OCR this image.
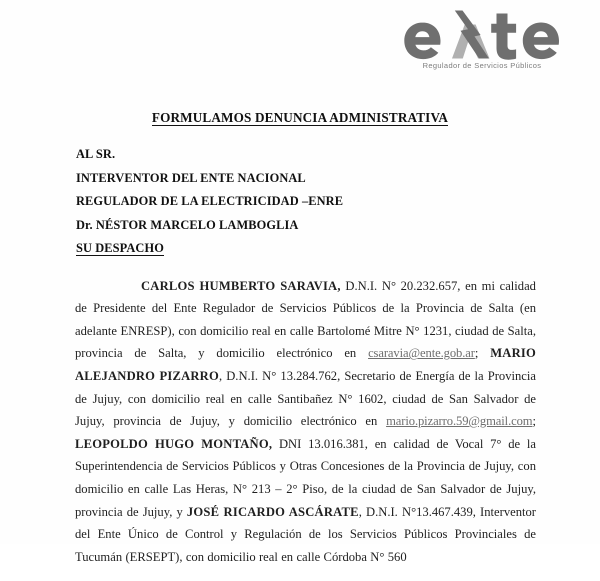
Regulador de Servicios Públicos
FORMULAMOS DENUNCIA ADMINISTRATIVA
AL SR.
INTERVENTOR DEL ENTE NACIONAL
REGULADOR DE LA ELECTRICIDAD –ENRE
Dr. NÉSTOR MARCELO LAMBOGLIA
SU DESPACHO

CARLOS HUMBERTO SARAVIA, D.N.I. N° 20.232.657, en mi calidad de Presidente del Ente Regulador de Servicios Públicos de la Provincia de Salta (en adelante ENRESP), con domicilio real en calle Bartolomé Mitre N° 1231, ciudad de Salta, provincia de Salta, y domicilio electrónico en csaravia@ente.gob.ar; MARIO ALEJANDRO PIZARRO, D.N.I. N° 13.284.762, Secretario de Energía de la Provincia de Jujuy, con domicilio real en calle Santibañez N° 1602, ciudad de San Salvador de Jujuy, provincia de Jujuy, y domicilio electrónico en mario.pizarro.59@gmail.com; LEOPOLDO HUGO MONTAÑO, DNI 13.016.381, en calidad de Vocal 7° de la Superintendencia de Servicios Públicos y Otras Concesiones de la Provincia de Jujuy, con domicilio en calle Las Heras, N° 213 – 2° Piso, de la ciudad de San Salvador de Jujuy, provincia de Jujuy, y JOSÉ RICARDO ASCÁRATE, D.N.I. N°13.467.439, Interventor del Ente Único de Control y Regulación de los Servicios Públicos Provinciales de Tucumán (ERSEPT), con domicilio real en calle Córdoba N° 560
